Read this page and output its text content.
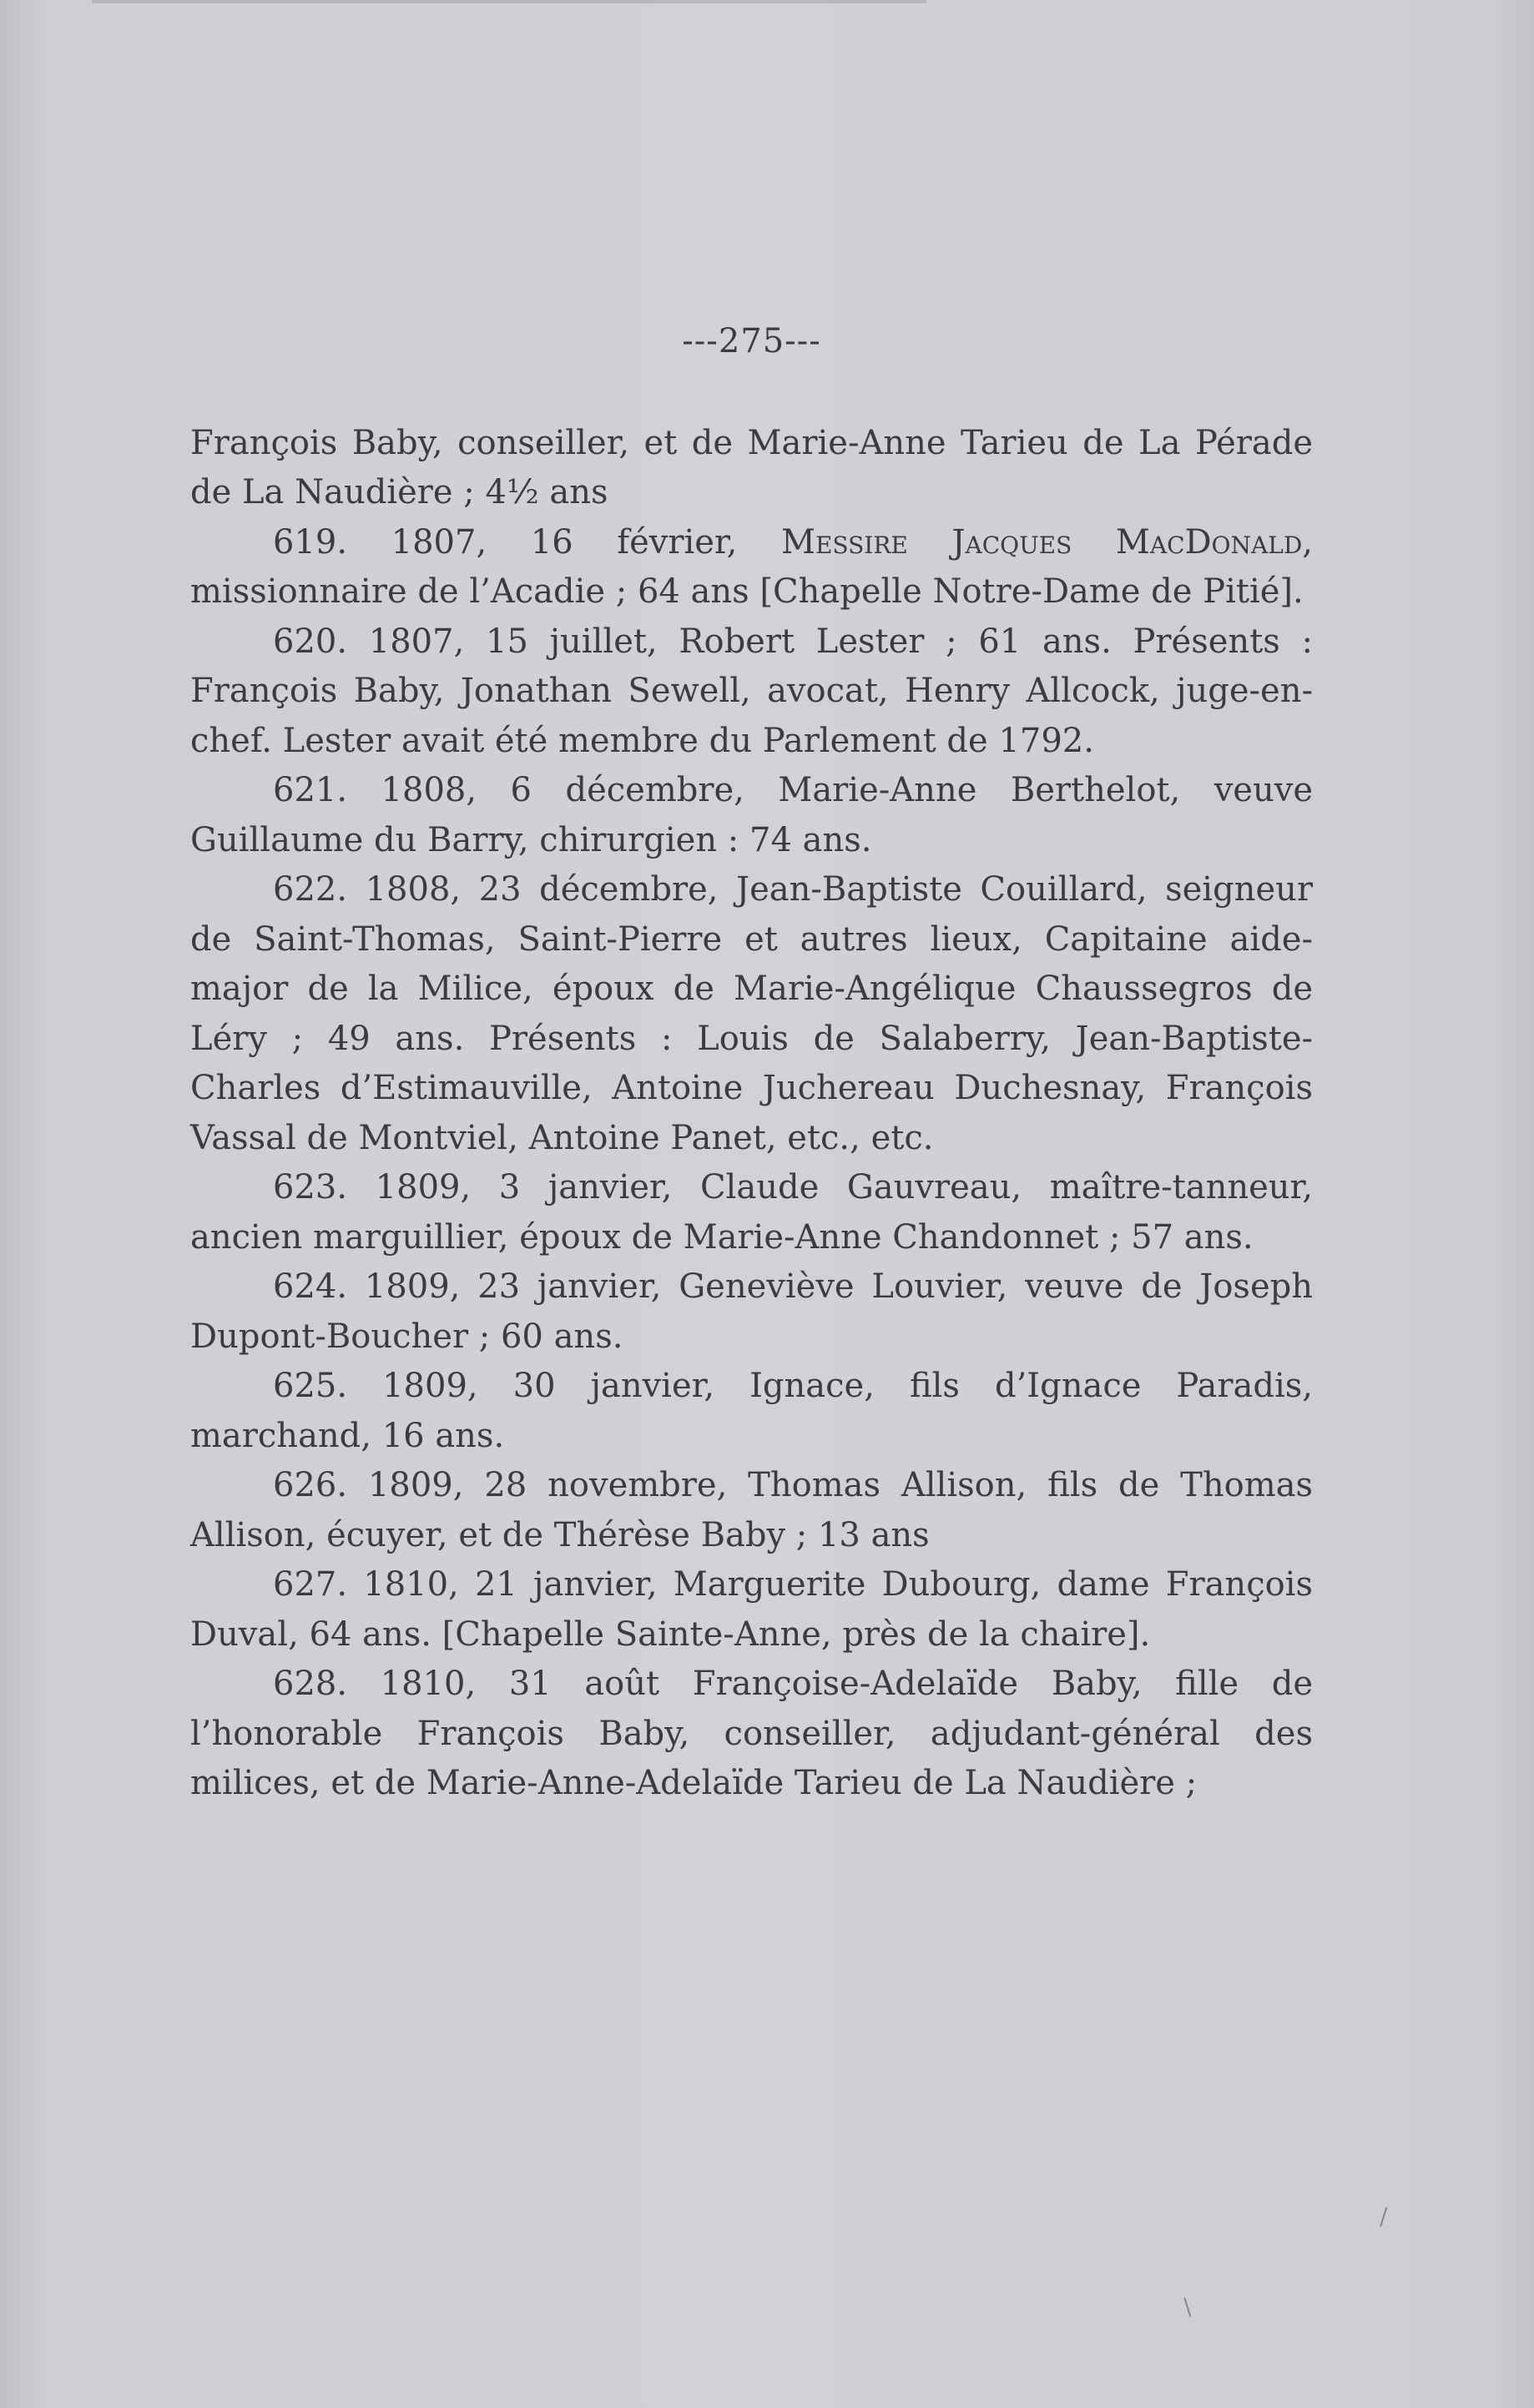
---275---

François Baby, conseiller, et de Marie-Anne Tarieu de La Pérade de La Naudière ; 4½ ans

619. 1807, 16 février, Messire Jacques MacDonald, missionnaire de l’Acadie ; 64 ans [Chapelle Notre-Dame de Pitié].

620. 1807, 15 juillet, Robert Lester ; 61 ans. Présents : François Baby, Jonathan Sewell, avocat, Henry Allcock, juge-en-chef. Lester avait été membre du Parlement de 1792.

621. 1808, 6 décembre, Marie-Anne Berthelot, veuve Guillaume du Barry, chirurgien : 74 ans.

622. 1808, 23 décembre, Jean-Baptiste Couillard, seigneur de Saint-Thomas, Saint-Pierre et autres lieux, Capitaine aide-major de la Milice, époux de Marie-Angélique Chaussegros de Léry ; 49 ans. Présents : Louis de Salaberry, Jean-Baptiste-Charles d’Estimauville, Antoine Juchereau Duchesnay, François Vassal de Montviel, Antoine Panet, etc., etc.

623. 1809, 3 janvier, Claude Gauvreau, maître-tanneur, ancien marguillier, époux de Marie-Anne Chandonnet ; 57 ans.

624. 1809, 23 janvier, Geneviève Louvier, veuve de Joseph Dupont-Boucher ; 60 ans.

625. 1809, 30 janvier, Ignace, fils d’Ignace Paradis, marchand, 16 ans.

626. 1809, 28 novembre, Thomas Allison, fils de Thomas Allison, écuyer, et de Thérèse Baby ; 13 ans

627. 1810, 21 janvier, Marguerite Dubourg, dame François Duval, 64 ans. [Chapelle Sainte-Anne, près de la chaire].

628. 1810, 31 août Françoise-Adelaïde Baby, fille de l’honorable François Baby, conseiller, adjudant-général des milices, et de Marie-Anne-Adelaïde Tarieu de La Naudière ;

/
\
